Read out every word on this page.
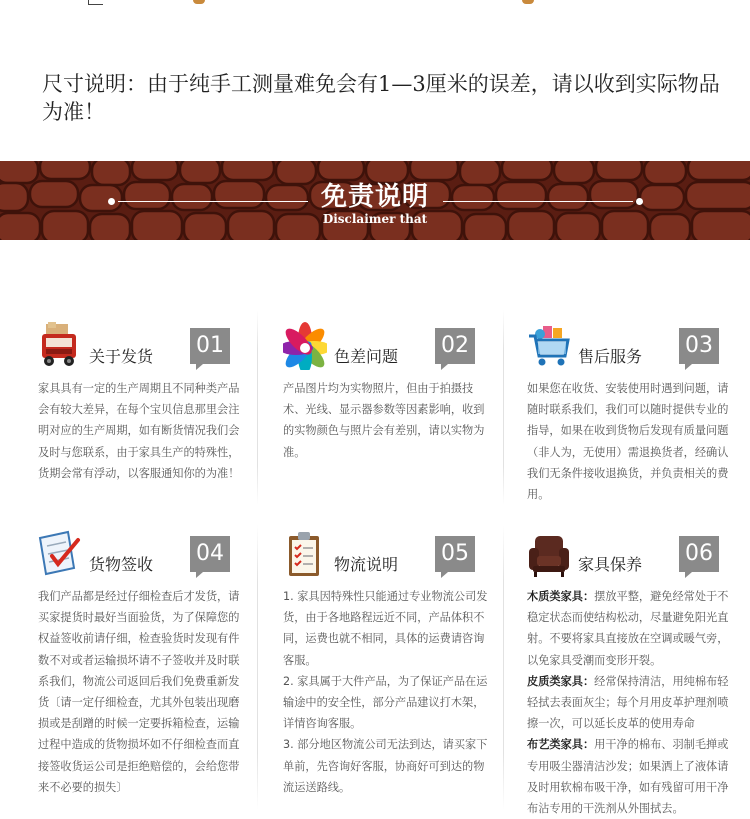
尺寸说明：由于纯手工测量难免会有1—3厘米的误差，请以收到实际物品为准！

免责说明
Disclaimer that
关于发货 01

家具具有一定的生产周期且不同种类产品会有较大差异，在每个宝贝信息那里会注明对应的生产周期，如有断货情况我们会及时与您联系，由于家具生产的特殊性，货期会常有浮动，以客服通知你的为准！

色差问题 02

产品图片均为实物照片，但由于拍摄技术、光线、显示器参数等因素影响，收到的实物颜色与照片会有差别，请以实物为准。

售后服务 03

如果您在收货、安装使用时遇到问题，请随时联系我们，我们可以随时提供专业的指导，如果在收到货物后发现有质量问题（非人为，无使用）需退换货者，经确认我们无条件接收退换货，并负责相关的费用。

货物签收 04

我们产品都是经过仔细检查后才发货，请买家提货时最好当面验货，为了保障您的权益签收前请仔细，检查验货时发现有件数不对或者运输损坏请不子签收并及时联系我们，物流公司返回后我们免费重新发货〔请一定仔细检查，尤其外包装出现磨损或是刮蹭的时候一定要拆箱检查，运输过程中造成的货物损坏如不仔细检查而直接签收货运公司是拒绝赔偿的，会给您带来不必要的损失〕

物流说明 05
1. 家具因特殊性只能通过专业物流公司发货，由于各地路程远近不同，产品体积不同，运费也就不相同，具体的运费请咨询客服。
2. 家具属于大件产品，为了保证产品在运输途中的安全性，部分产品建议打木架，详情咨询客服。
3. 部分地区物流公司无法到达，请买家下单前，先咨询好客服，协商好可到达的物流运送路线。
家具保养 06

木质类家具：摆放平整，避免经常处于不稳定状态而使结构松动，尽量避免阳光直射。不要将家具直接放在空调或暖气旁，以免家具受潮而变形开裂。
皮质类家具：经常保持清洁，用纯棉布轻轻拭去表面灰尘；每个月用皮革护理剂喷擦一次，可以延长皮革的使用寿命
布艺类家具：用干净的棉布、羽制毛掸或专用吸尘器清洁沙发；如果洒上了液体请及时用软棉布吸干净，如有残留可用干净布沾专用的干洗剂从外围拭去。
